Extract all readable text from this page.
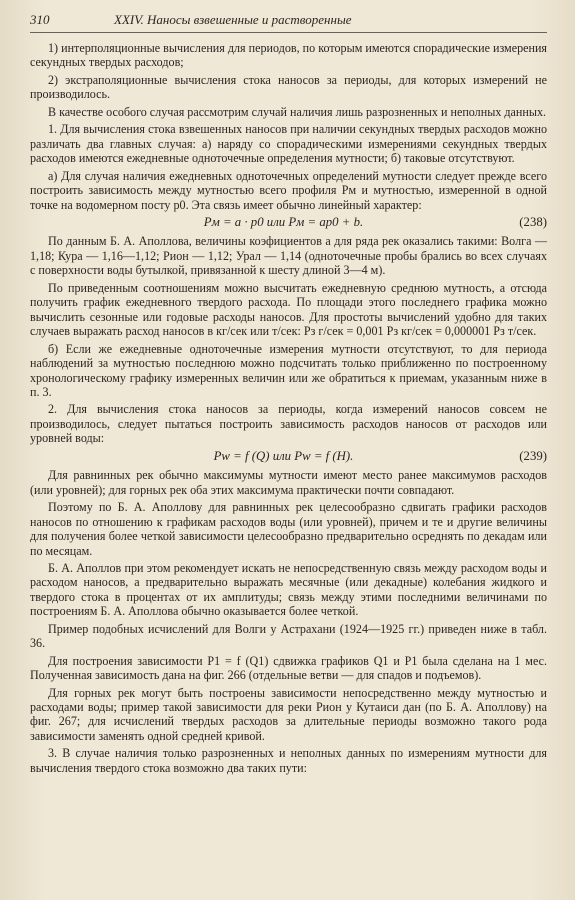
310	XXIV. Наносы взвешенные и растворенные

1) интерполяционные вычисления для периодов, по которым имеются спорадические измерения секундных твердых расходов;

2) экстраполяционные вычисления стока наносов за периоды, для которых измерений не производилось.

В качестве особого случая рассмотрим случай наличия лишь разрозненных и неполных данных.

1. Для вычисления стока взвешенных наносов при наличии секундных твердых расходов можно различать два главных случая: а) наряду со спорадическими измерениями секундных твердых расходов имеются ежедневные одноточечные определения мутности; б) таковые отсутствуют.

а) Для случая наличия ежедневных одноточечных определений мутности следует прежде всего построить зависимость между мутностью всего профиля Pм и мутностью, измеренной в одной точке на водомерном посту p0. Эта связь имеет обычно линейный характер:

Pм = a · p0 или Pм = ap0 + b.	(238)

По данным Б. А. Аполлова, величины коэфициентов a для ряда рек оказались такими: Волга — 1,18; Кура — 1,16—1,12; Рион — 1,12; Урал — 1,14 (одноточечные пробы брались во всех случаях с поверхности воды бутылкой, привязанной к шесту длиной 3—4 м).

По приведенным соотношениям можно высчитать ежедневную среднюю мутность, а отсюда получить график ежедневного твердого расхода. По площади этого последнего графика можно вычислить сезонные или годовые расходы наносов. Для простоты вычислений удобно для таких случаев выражать расход наносов в кг/сек или т/сек: Pз г/сек = 0,001 Pз кг/сек = 0,000001 Pз т/сек.

б) Если же ежедневные одноточечные измерения мутности отсутствуют, то для периода наблюдений за мутностью последнюю можно подсчитать только приближенно по построенному хронологическому графику измеренных величин или же обратиться к приемам, указанным ниже в п. 3.

2. Для вычисления стока наносов за периоды, когда измерений наносов совсем не производилось, следует пытаться построить зависимость расходов наносов от расходов или уровней воды:

Pw = f (Q) или Pw = f (H).	(239)

Для равнинных рек обычно максимумы мутности имеют место ранее максимумов расходов (или уровней); для горных рек оба этих максимума практически почти совпадают.

Поэтому по Б. А. Аполлову для равнинных рек целесообразно сдвигать графики расходов наносов по отношению к графикам расходов воды (или уровней), причем и те и другие величины для получения более четкой зависимости целесообразно предварительно осреднять по декадам или по месяцам.

Б. А. Аполлов при этом рекомендует искать не непосредственную связь между расходом воды и расходом наносов, а предварительно выражать месячные (или декадные) колебания жидкого и твердого стока в процентах от их амплитуды; связь между этими последними величинами по построениям Б. А. Аполлова обычно оказывается более четкой.

Пример подобных исчислений для Волги у Астрахани (1924—1925 гг.) приведен ниже в табл. 36.

Для построения зависимости P1 = f (Q1) сдвижка графиков Q1 и P1 была сделана на 1 мес. Полученная зависимость дана на фиг. 266 (отдельные ветви — для спадов и подъемов).

Для горных рек могут быть построены зависимости непосредственно между мутностью и расходами воды; пример такой зависимости для реки Рион у Кутаиси дан (по Б. А. Аполлову) на фиг. 267; для исчислений твердых расходов за длительные периоды возможно такого рода зависимости заменять одной средней кривой.

3. В случае наличия только разрозненных и неполных данных по измерениям мутности для вычисления твердого стока возможно два таких пути:
